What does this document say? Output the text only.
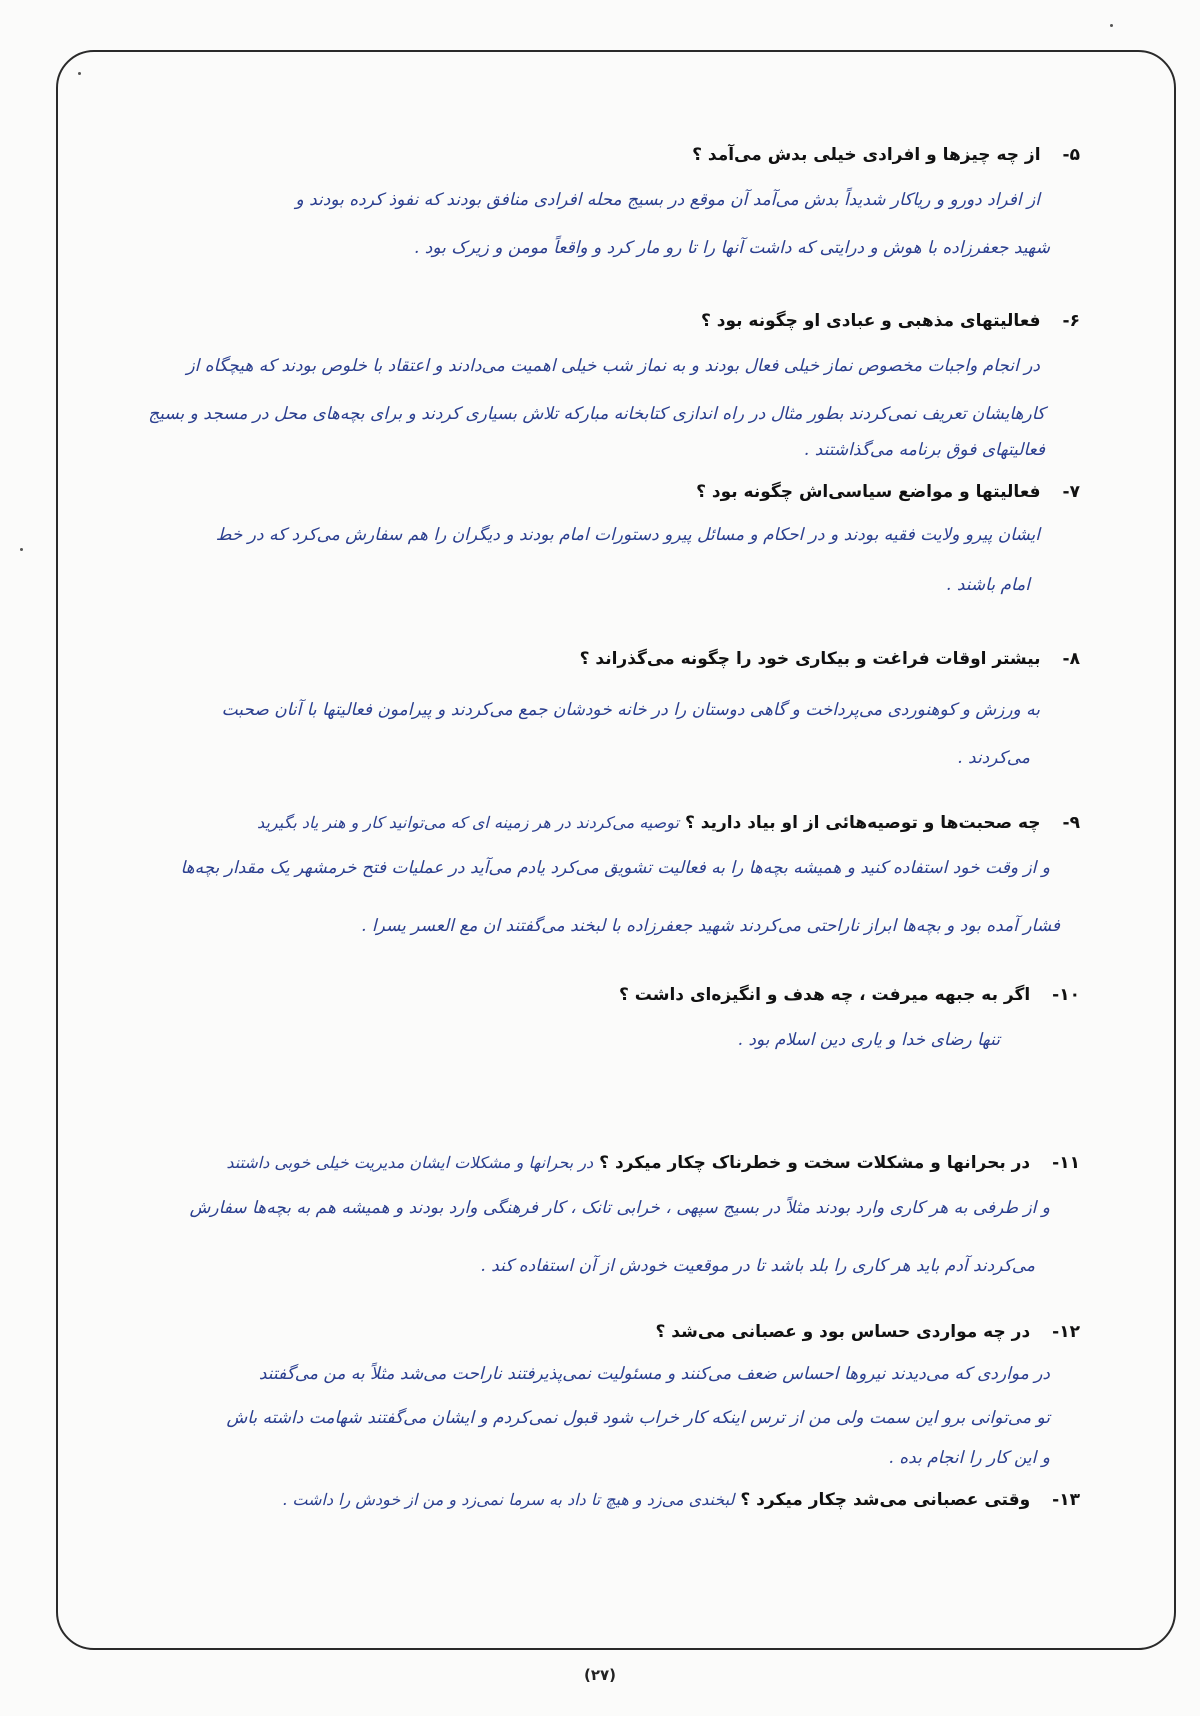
۵-از چه چیزها و افرادی خیلی بدش می‌آمد ؟
از افراد دورو و ریاکار شدیداً بدش می‌آمد آن موقع در بسیج محله افرادی منافق بودند که نفوذ کرده بودند و
شهید جعفرزاده با هوش و درایتی که داشت آنها را تا رو مار کرد و واقعاً مومن و زیرک بود .
۶-فعالیتهای مذهبی و عبادی او چگونه بود ؟
در انجام واجبات مخصوص نماز خیلی فعال بودند و به نماز شب خیلی اهمیت می‌دادند و اعتقاد با خلوص بودند که هیچگاه از
کارهایشان تعریف نمی‌کردند بطور مثال در راه اندازی کتابخانه مبارکه تلاش بسیاری کردند و برای بچه‌های محل در مسجد و بسیج
فعالیتهای فوق برنامه می‌گذاشتند .
۷-فعالیتها و مواضع سیاسی‌اش چگونه بود ؟
ایشان پیرو ولایت فقیه بودند و در احکام و مسائل پیرو دستورات امام بودند و دیگران را هم سفارش می‌کرد که در خط
امام باشند .
۸-بیشتر اوقات فراغت و بیکاری خود را چگونه می‌گذراند ؟
به ورزش و کوهنوردی می‌پرداخت و گاهی دوستان را در خانه خودشان جمع می‌کردند و پیرامون فعالیتها با آنان صحبت
می‌کردند .
۹-چه صحبت‌ها و توصیه‌هائی از او بیاد دارید ؟توصیه می‌کردند در هر زمینه ای که می‌توانید کار و هنر یاد بگیرید
و از وقت خود استفاده کنید و همیشه بچه‌ها را به فعالیت تشویق می‌کرد یادم می‌آید در عملیات فتح خرمشهر یک مقدار بچه‌ها
فشار آمده بود و بچه‌ها ابراز ناراحتی می‌کردند شهید جعفرزاده با لبخند می‌گفتند ان مع العسر یسرا .
۱۰-اگر به جبهه میرفت ، چه هدف و انگیزه‌ای داشت ؟
تنها رضای خدا و یاری دین اسلام بود .
۱۱-در بحرانها و مشکلات سخت و خطرناک چکار میکرد ؟در بحرانها و مشکلات ایشان مدیریت خیلی خوبی داشتند
و از طرفی به هر کاری وارد بودند مثلاً در بسیج سپهی ، خرابی تانک ، کار فرهنگی وارد بودند و همیشه هم به بچه‌ها سفارش
می‌کردند آدم باید هر کاری را بلد باشد تا در موقعیت خودش از آن استفاده کند .
۱۲-در چه مواردی حساس بود و عصبانی می‌شد ؟
در مواردی که می‌دیدند نیروها احساس ضعف می‌کنند و مسئولیت نمی‌پذیرفتند ناراحت می‌شد مثلاً به من می‌گفتند
تو می‌توانی برو این سمت ولی من از ترس اینکه کار خراب شود قبول نمی‌کردم و ایشان می‌گفتند شهامت داشته باش
و این کار را انجام بده .
۱۳-وقتی عصبانی می‌شد چکار میکرد ؟لبخندی می‌زد و هیچ تا داد به سرما نمی‌زد و من از خودش را داشت .
(۲۷)
